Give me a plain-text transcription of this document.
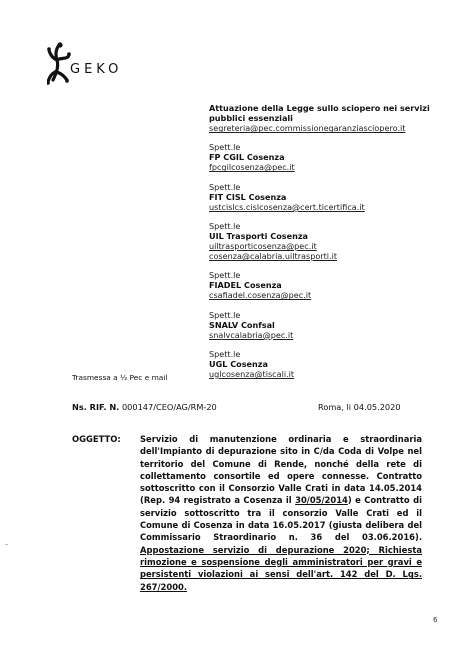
GEKO
Attuazione della Legge sullo sciopero nei servizi pubblici essenziali
segreteria@pec.commissionegaranziasciopero.it
Spett.le
FP CGIL Cosenza
fpcgilcosenza@pec.it
Spett.le
FIT CISL Cosenza
ustcislcs.cislcosenza@cert.ticertifica.it
Spett.le
UIL Trasporti Cosenza
uiltrasporticosenza@pec.it
cosenza@calabria.uiltrasporti.it
Spett.le
FIADEL Cosenza
csafiadel.cosenza@pec.it
Spett.le
SNALV Confsal
snalvcalabria@pec.it
Spett.le
UGL Cosenza
uglcosenza@tiscali.it
Trasmessa a ½ Pec e mail
Ns. RIF. N. 000147/CEO/AG/RM-20	Roma, li 04.05.2020
OGGETTO: Servizio di manutenzione ordinaria e straordinaria dell'Impianto di depurazione sito in C/da Coda di Volpe nel territorio del Comune di Rende, nonché della rete di collettamento consortile ed opere connesse. Contratto sottoscritto con il Consorzio Valle Crati in data 14.05.2014 (Rep. 94 registrato a Cosenza il 30/05/2014) e Contratto di servizio sottoscritto tra il consorzio Valle Crati ed il Comune di Cosenza in data 16.05.2017 (giusta delibera del Commissario Straordinario n. 36 del 03.06.2016). Appostazione servizio di depurazione 2020; Richiesta rimozione e sospensione degli amministratori per gravi e persistenti violazioni ai sensi dell'art. 142 del D. Lgs. 267/2000.
6
–
